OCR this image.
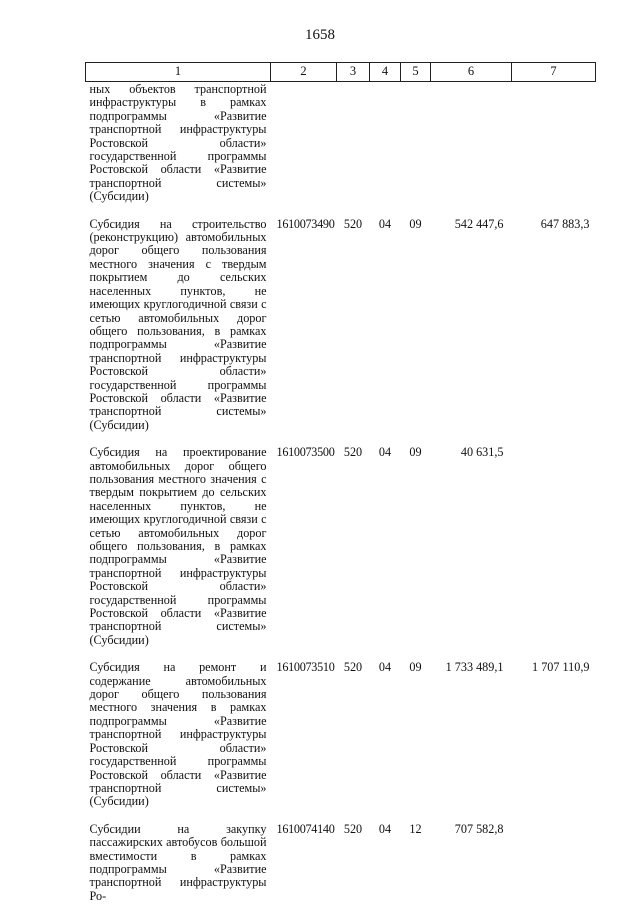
1658
1	2	3	4	5	6	7
ных объектов транспортной инфраструктуры в рамках подпрограммы «Развитие транспортной инфраструктуры Ростовской области» государственной программы Ростовской области «Развитие транспортной системы» (Субсидии)						
Субсидия на строительство (реконструкцию) автомобильных дорог общего пользования местного значения с твердым покрытием до сельских населенных пунктов, не имеющих круглогодичной связи с сетью автомобильных дорог общего пользования, в рамках подпрограммы «Развитие транспортной инфраструктуры Ростовской области» государственной программы Ростовской области «Развитие транспортной системы» (Субсидии)	1610073490	520	04	09	542 447,6	647 883,3
Субсидия на проектирование автомобильных дорог общего пользования местного значения с твердым покрытием до сельских населенных пунктов, не имеющих круглогодичной связи с сетью автомобильных дорог общего пользования, в рамках подпрограммы «Развитие транспортной инфраструктуры Ростовской области» государственной программы Ростовской области «Развитие транспортной системы» (Субсидии)	1610073500	520	04	09	40 631,5	
Субсидия на ремонт и содержание автомобильных дорог общего пользования местного значения в рамках подпрограммы «Развитие транспортной инфраструктуры Ростовской области» государственной программы Ростовской области «Развитие транспортной системы» (Субсидии)	1610073510	520	04	09	1 733 489,1	1 707 110,9
Субсидии на закупку пассажирских автобусов большой вместимости в рамках подпрограммы «Развитие транспортной инфраструктуры Ро-	1610074140	520	04	12	707 582,8	
